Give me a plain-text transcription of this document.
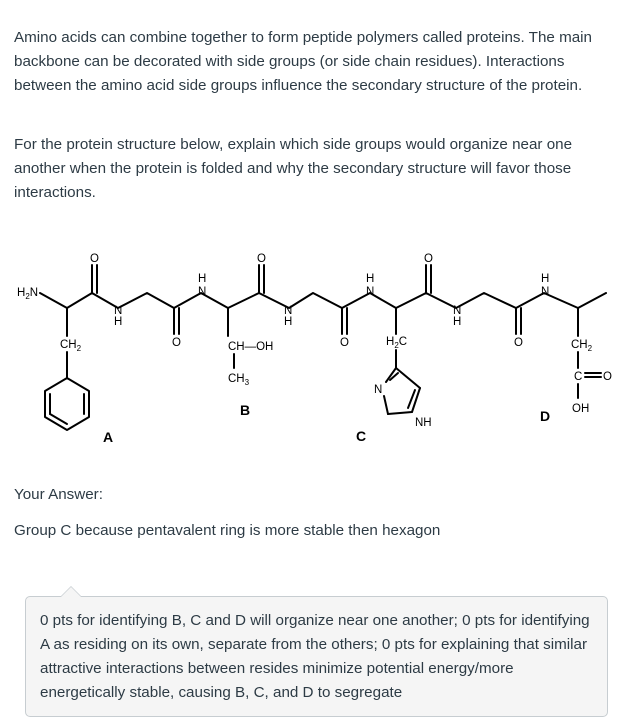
Amino acids can combine together to form peptide polymers called proteins. The main backbone can be decorated with side groups (or side chain residues). Interactions between the amino acid side groups influence the secondary structure of the protein.

For the protein structure below, explain which side groups would organize near one another when the protein is folded and why the secondary structure will favor those interactions.

$H_2N$
O
O
O
O
O
O
N
H
N
H
N
H
H
N
H
N
H
N
$CH_2$
A
CH—OH
$CH_3$
B
$H_2C$
N
NH
C
$CH_2$
C O
OH
D

Your Answer:

Group C because pentavalent ring is more stable then hexagon

0 pts for identifying B, C and D will organize near one another; 0 pts for identifying A as residing on its own, separate from the others; 0 pts for explaining that similar attractive interactions between resides minimize potential energy/more energetically stable, causing B, C, and D to segregate
